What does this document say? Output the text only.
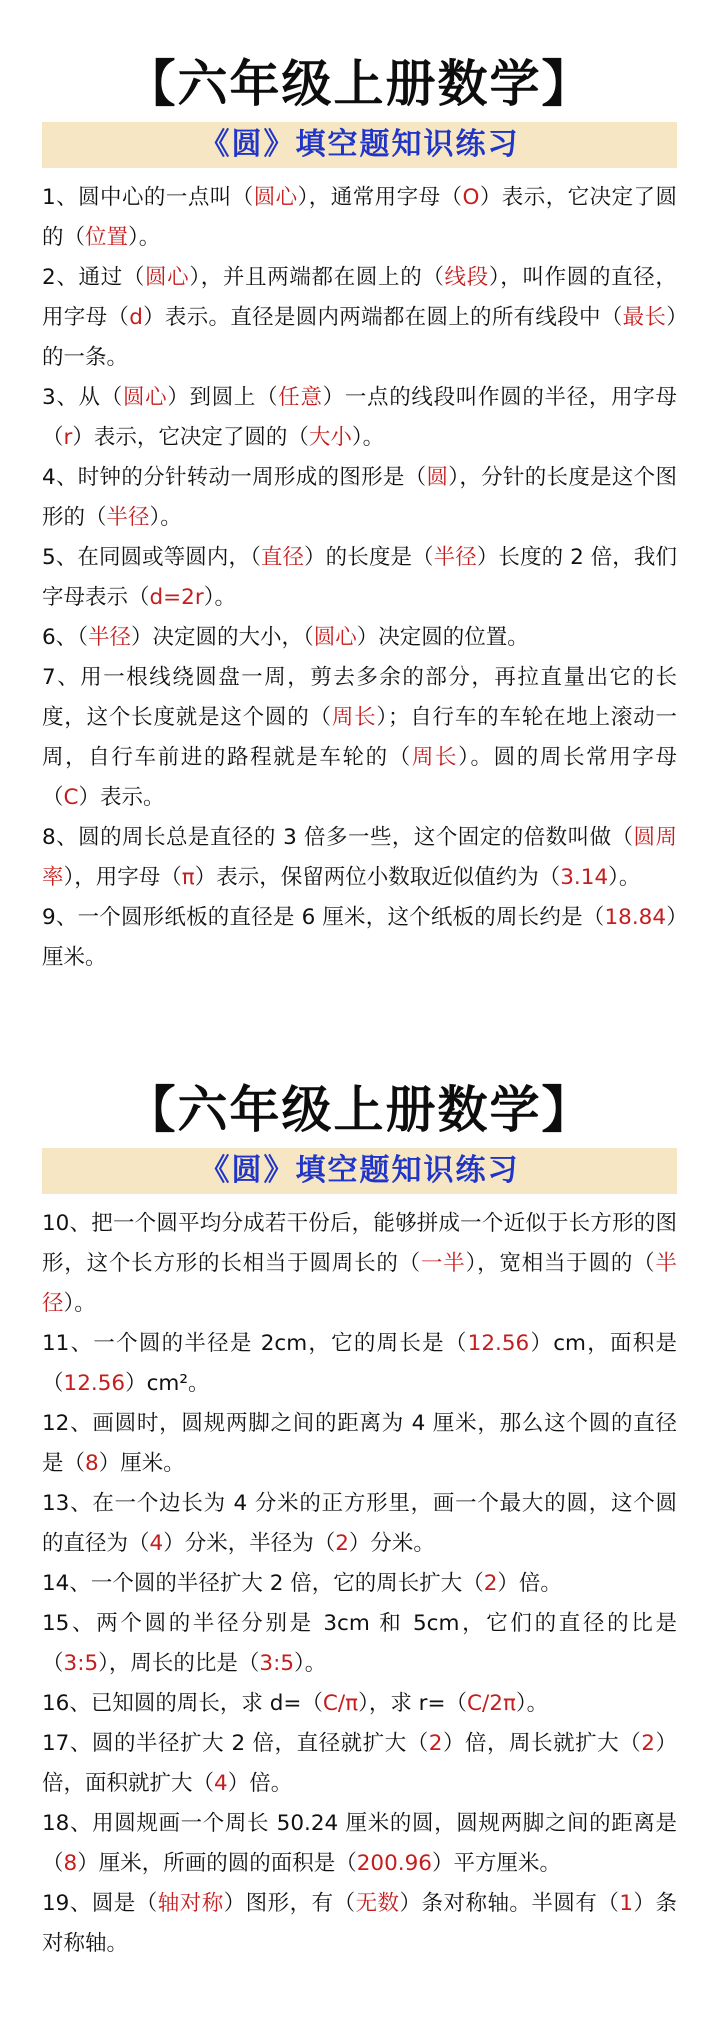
【六年级上册数学】
《圆》填空题知识练习

1、圆中心的一点叫（圆心），通常用字母（O）表示，它决定了圆的（位置）。

2、通过（圆心），并且两端都在圆上的（线段），叫作圆的直径，用字母（d）表示。直径是圆内两端都在圆上的所有线段中（最长）的一条。

3、从（圆心）到圆上（任意）一点的线段叫作圆的半径，用字母（r）表示，它决定了圆的（大小）。

4、时钟的分针转动一周形成的图形是（圆），分针的长度是这个图形的（半径）。

5、在同圆或等圆内，（直径）的长度是（半径）长度的 2 倍，我们字母表示（d=2r）。

6、（半径）决定圆的大小，（圆心）决定圆的位置。

7、用一根线绕圆盘一周，剪去多余的部分，再拉直量出它的长度，这个长度就是这个圆的（周长）；自行车的车轮在地上滚动一周，自行车前进的路程就是车轮的（周长）。圆的周长常用字母（C）表示。

8、圆的周长总是直径的 3 倍多一些，这个固定的倍数叫做（圆周率），用字母（π）表示，保留两位小数取近似值约为（3.14）。

9、一个圆形纸板的直径是 6 厘米，这个纸板的周长约是（18.84）厘米。

【六年级上册数学】
《圆》填空题知识练习

10、把一个圆平均分成若干份后，能够拼成一个近似于长方形的图形，这个长方形的长相当于圆周长的（一半），宽相当于圆的（半径）。

11、一个圆的半径是 2cm，它的周长是（12.56）cm，面积是（12.56）cm²。

12、画圆时，圆规两脚之间的距离为 4 厘米，那么这个圆的直径是（8）厘米。

13、在一个边长为 4 分米的正方形里，画一个最大的圆，这个圆的直径为（4）分米，半径为（2）分米。

14、一个圆的半径扩大 2 倍，它的周长扩大（2）倍。

15、两个圆的半径分别是 3cm 和 5cm，它们的直径的比是（3:5），周长的比是（3:5）。

16、已知圆的周长，求 d=（C/π），求 r=（C/2π）。

17、圆的半径扩大 2 倍，直径就扩大（2）倍，周长就扩大（2）倍，面积就扩大（4）倍。

18、用圆规画一个周长 50.24 厘米的圆，圆规两脚之间的距离是（8）厘米，所画的圆的面积是（200.96）平方厘米。

19、圆是（轴对称）图形，有（无数）条对称轴。半圆有（1）条对称轴。
